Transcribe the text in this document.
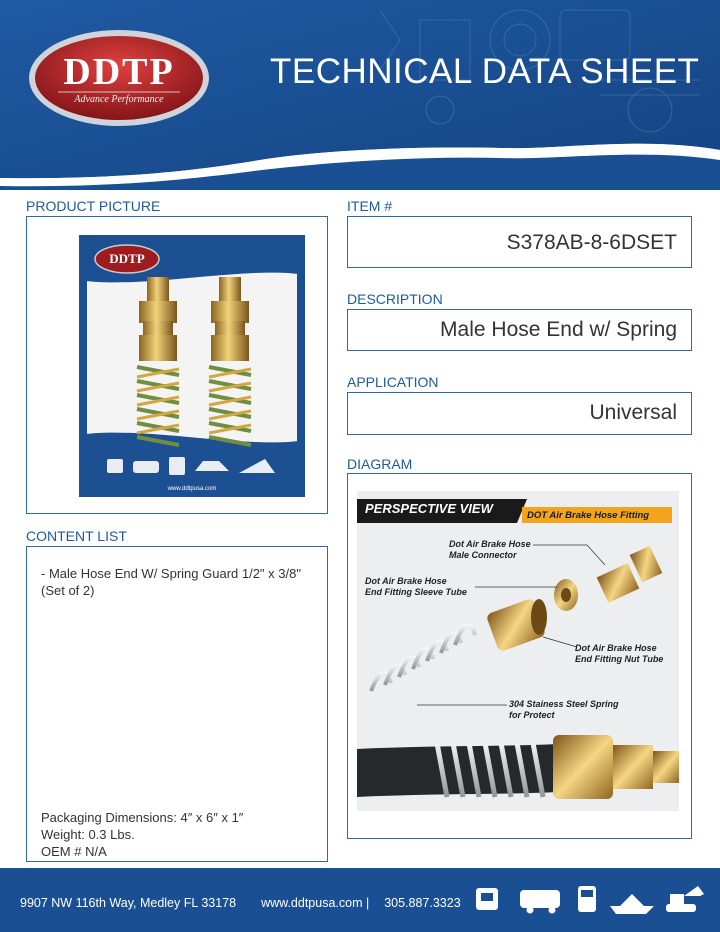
DDTP
Advance Performance
TECHNICAL DATA SHEET
PRODUCT PICTURE
DDTP
www.ddtpusa.com
ITEM #
S378AB-8-6DSET
DESCRIPTION
Male Hose End w/ Spring
APPLICATION
Universal
DIAGRAM
PERSPECTIVE VIEW	DOT Air Brake Hose Fitting
Dot Air Brake Hose
Male Connector
Dot Air Brake Hose
End Fitting Sleeve Tube
Dot Air Brake Hose
End Fitting Nut Tube
304 Stainess Steel Spring
for Protect
CONTENT LIST
- Male Hose End W/ Spring Guard 1/2" x 3/8"
(Set of 2)
Packaging Dimensions: 4″ x 6″ x 1″
Weight: 0.3 Lbs.
OEM # N/A
9907 NW 116th Way, Medley FL 33178 www.ddtpusa.com | 305.887.3323
